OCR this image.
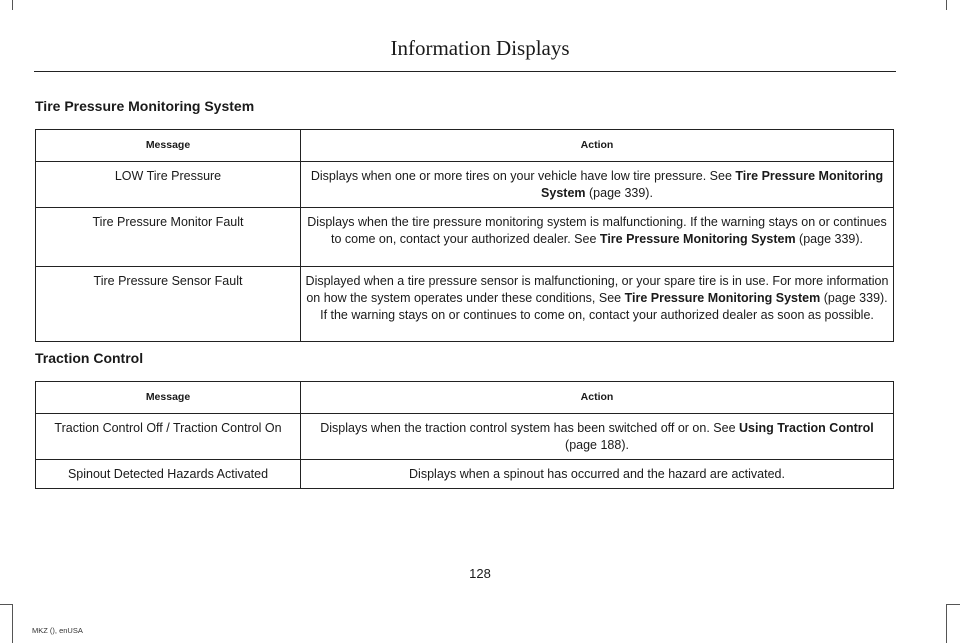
Information Displays
Tire Pressure Monitoring System
Message	Action
LOW Tire Pressure	Displays when one or more tires on your vehicle have low tire pressure. See Tire Pressure Monitoring System (page 339).
Tire Pressure Monitor Fault	Displays when the tire pressure monitoring system is malfunctioning. If the warning stays on or continues to come on, contact your authorized dealer. See Tire Pressure Monitoring System (page 339).
Tire Pressure Sensor Fault	Displayed when a tire pressure sensor is malfunctioning, or your spare tire is in use. For more information on how the system operates under these conditions, See Tire Pressure Monitoring System (page 339). If the warning stays on or continues to come on, contact your authorized dealer as soon as possible.
Traction Control
Message	Action
Traction Control Off / Traction Control On	Displays when the traction control system has been switched off or on. See Using Traction Control (page 188).
Spinout Detected Hazards Activated	Displays when a spinout has occurred and the hazard are activated.
128
MKZ (), enUSA
